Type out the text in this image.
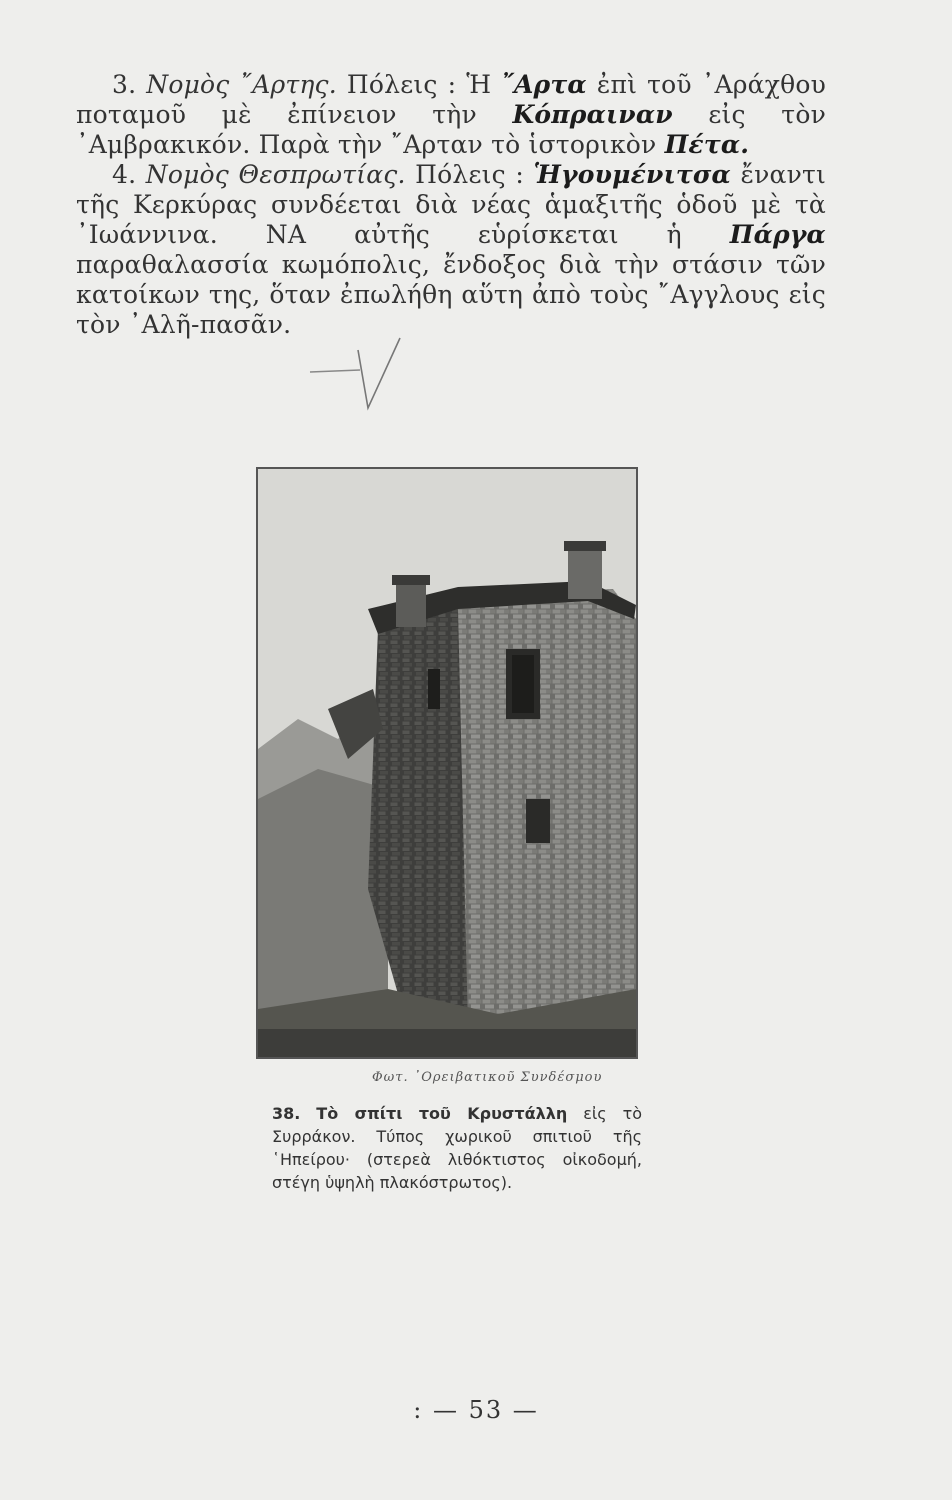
3. Νομὸς ῎Αρτης. Πόλεις : Ἡ ῎Αρτα ἐπὶ τοῦ ᾿Αράχθου ποταμοῦ μὲ ἐπίνειον τὴν Κόπραιναν εἰς τὸν ᾿Αμβρακικόν. Παρὰ τὴν ῎Αρταν τὸ ἱστορικὸν Πέτα.

4. Νομὸς Θεσπρωτίας. Πόλεις : Ἡγουμένιτσα ἔναντι τῆς Κερκύρας συνδέεται διὰ νέας ἁμαξιτῆς ὁδοῦ μὲ τὰ ᾿Ιωάννινα. ΝΑ αὐτῆς εὑρίσκεται ἡ Πάργα παραθαλασσία κωμόπολις, ἔνδοξος διὰ τὴν στάσιν τῶν κατοίκων της, ὅταν ἐπωλήθη αὕτη ἀπὸ τοὺς ῎Αγγλους εἰς τὸν ᾿Αλῆ-πασᾶν.

Φωτ. ᾿Ορειβατικοῦ Συνδέσμου
38. Τὸ σπίτι τοῦ Κρυστάλλη εἰς τὸ Συρράκον. Τύπος χωρικοῦ σπιτιοῦ τῆς ῾Ηπείρου· (στερεὰ λιθόκτιστος οἰκοδομή, στέγη ὑψηλὴ πλακόστρωτος).
: — 53 —
